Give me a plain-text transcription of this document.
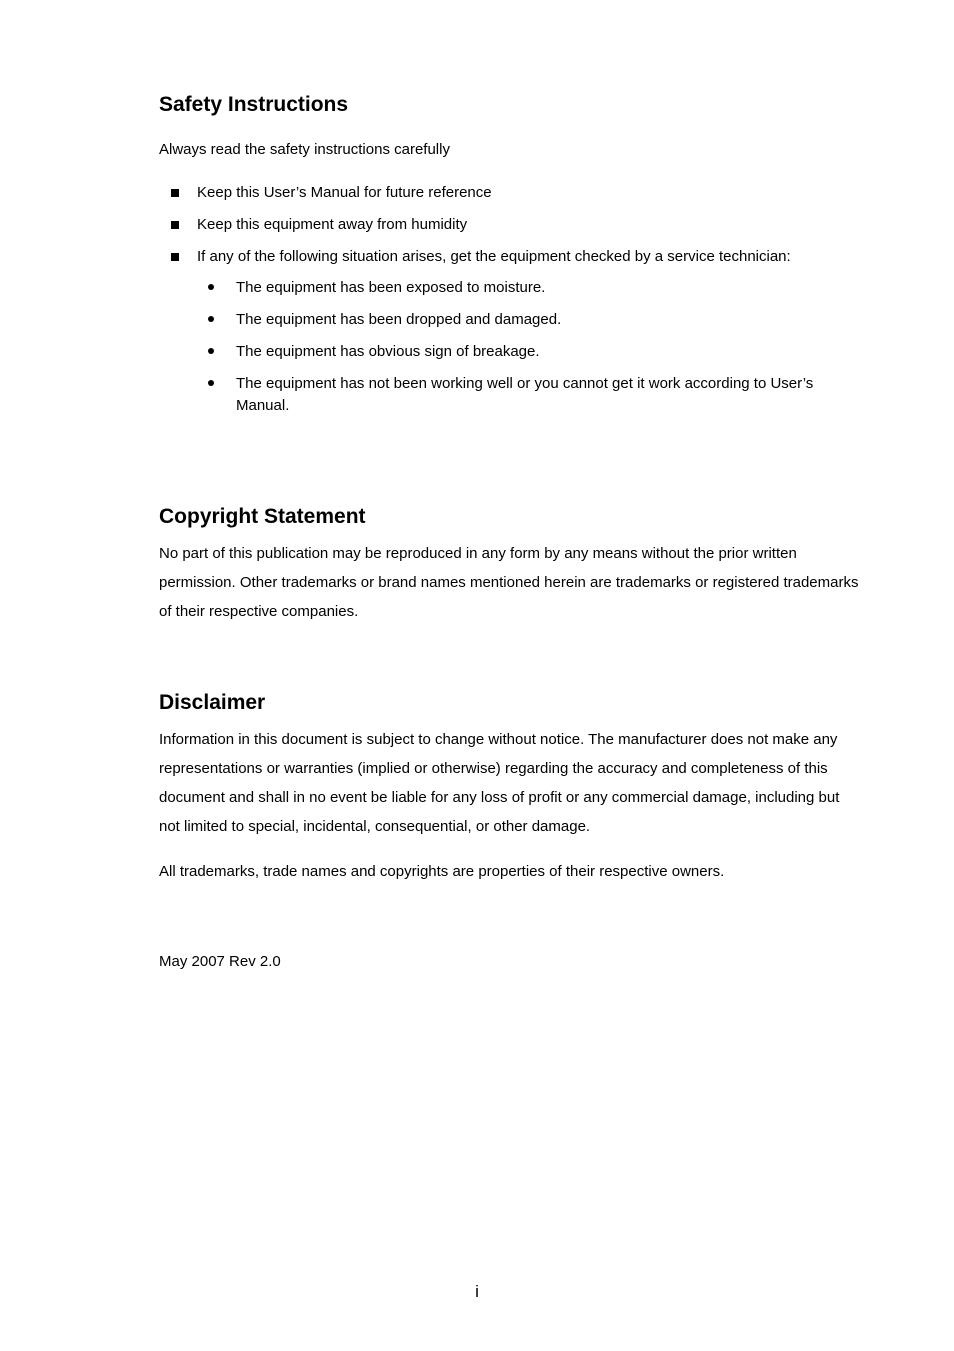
Safety Instructions

Always read the safety instructions carefully

Keep this User’s Manual for future reference
Keep this equipment away from humidity
If any of the following situation arises, get the equipment checked by a service technician:
The equipment has been exposed to moisture.
The equipment has been dropped and damaged.
The equipment has obvious sign of breakage.
The equipment has not been working well or you cannot get it work according to User’s Manual.
Copyright Statement

No part of this publication may be reproduced in any form by any means without the prior written permission. Other trademarks or brand names mentioned herein are trademarks or registered trademarks of their respective companies.

Disclaimer

Information in this document is subject to change without notice. The manufacturer does not make any representations or warranties (implied or otherwise) regarding the accuracy and completeness of this document and shall in no event be liable for any loss of profit or any commercial damage, including but not limited to special, incidental, consequential, or other damage.

All trademarks, trade names and copyrights are properties of their respective owners.

May 2007 Rev 2.0

i
